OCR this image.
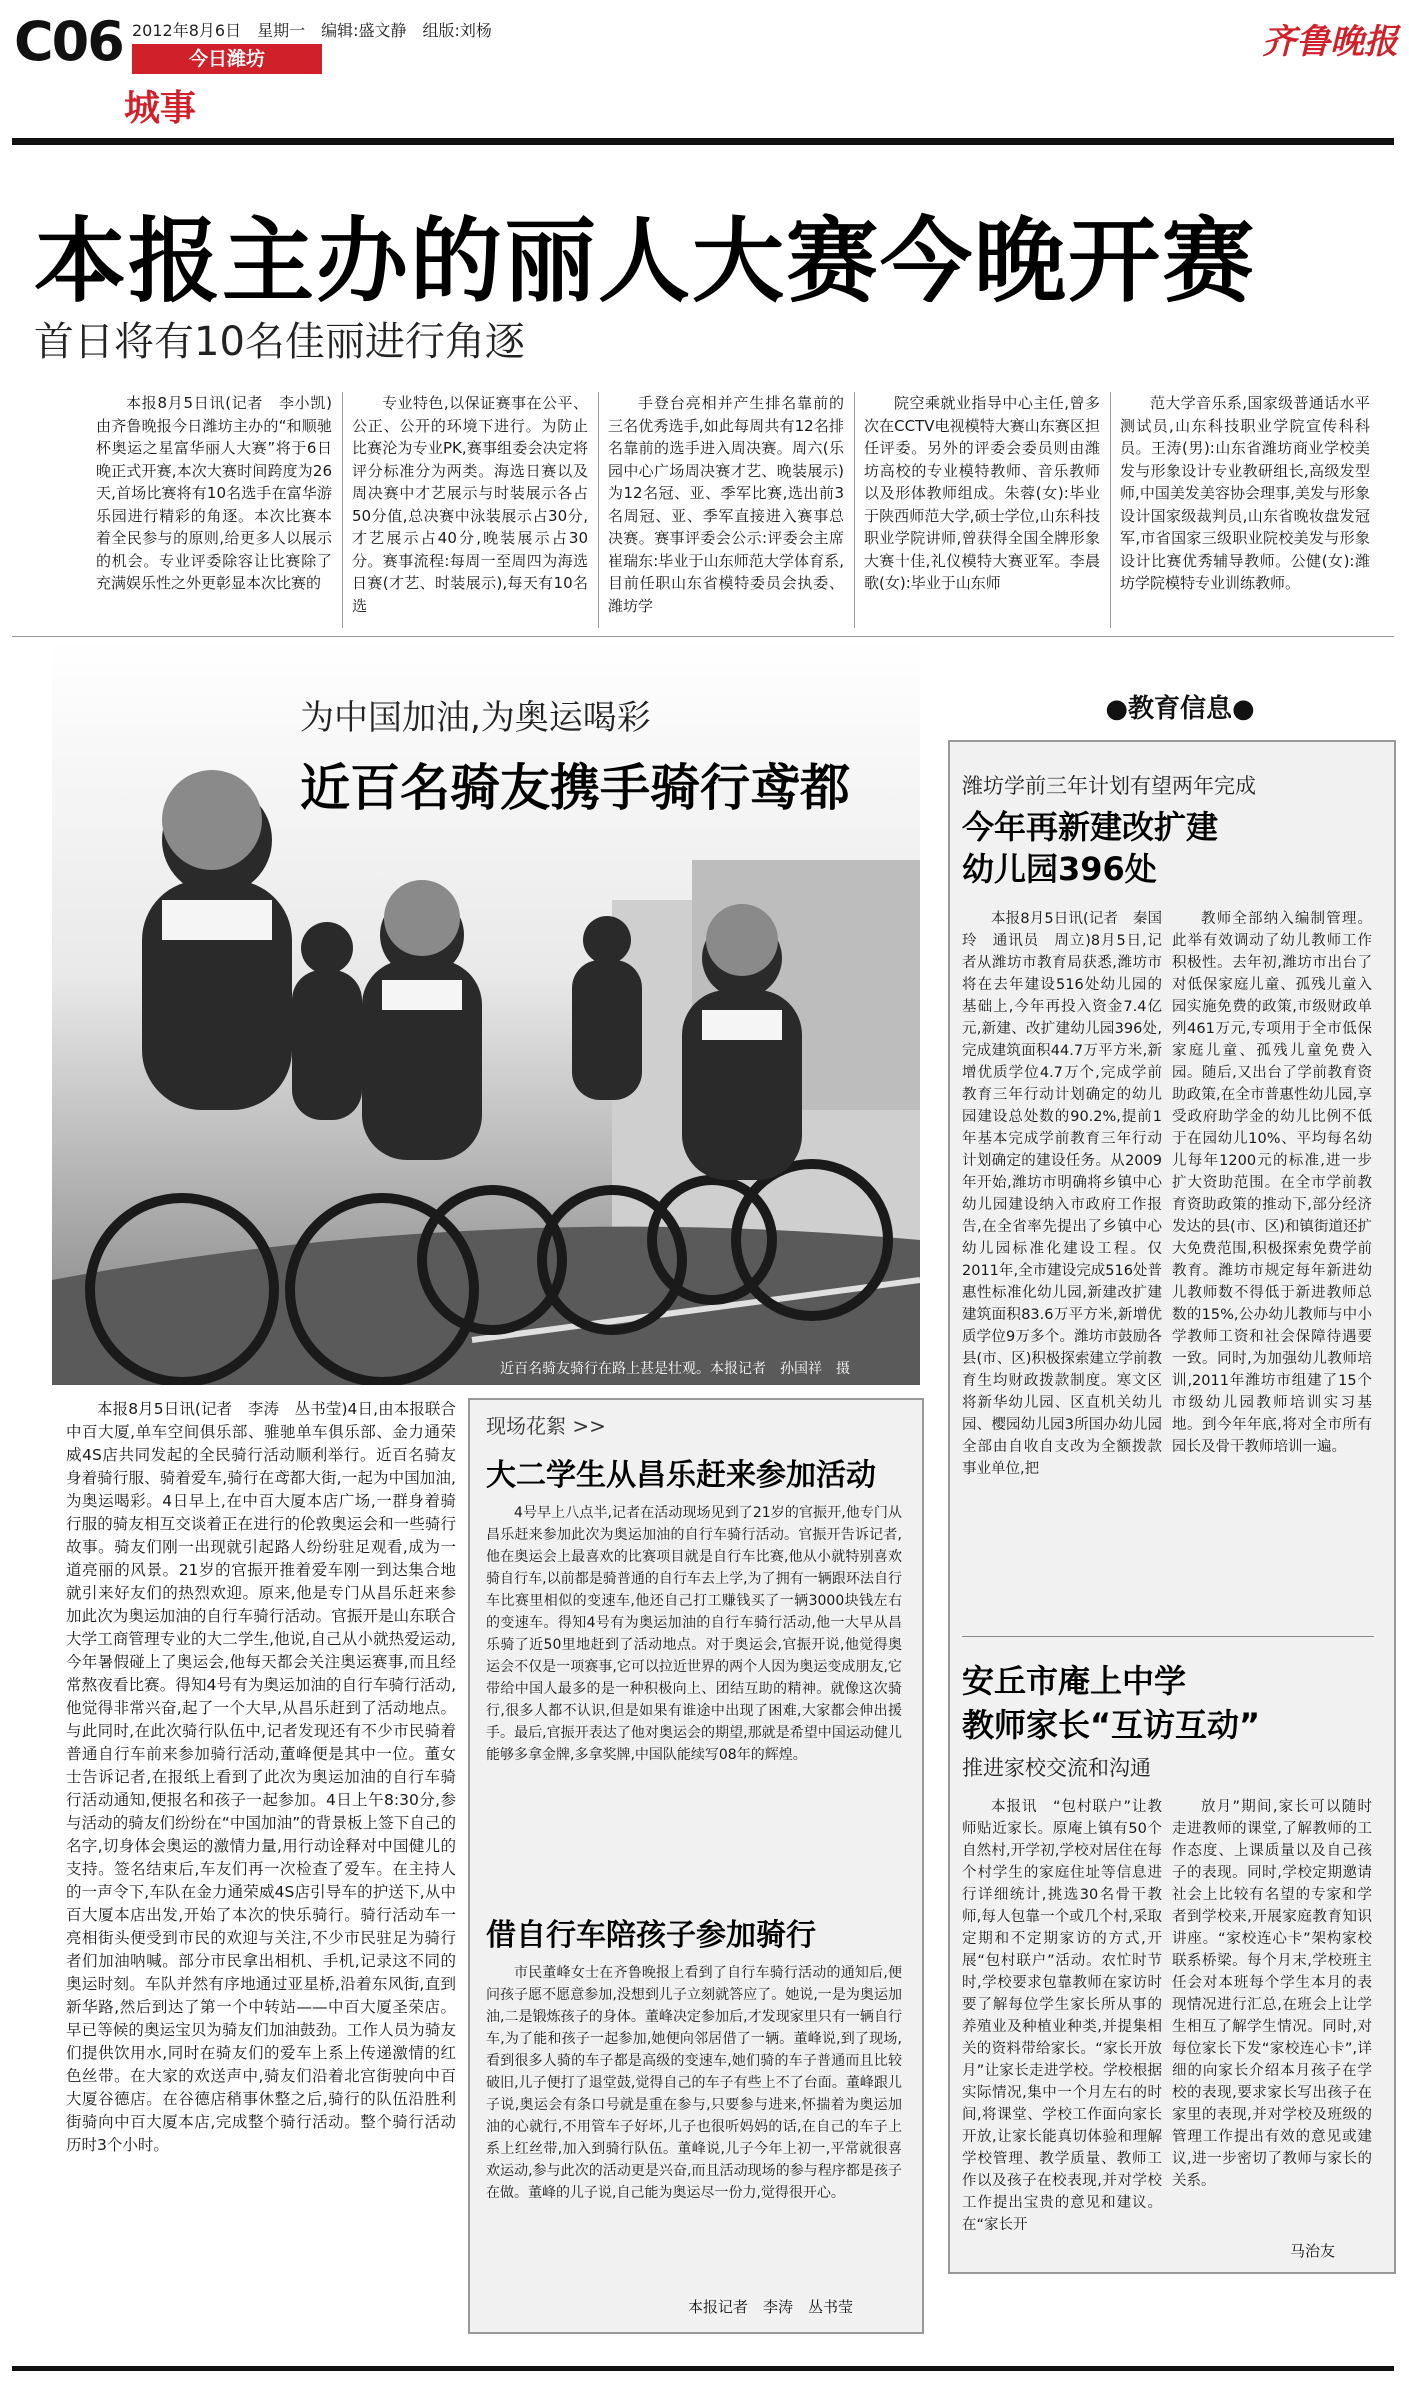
C06 2012年8月6日　星期一　编辑:盛文静　组版:刘杨
今日潍坊
城事
齐鲁晚报
本报主办的丽人大赛今晚开赛
首日将有10名佳丽进行角逐

本报8月5日讯(记者　李小凯)由齐鲁晚报今日潍坊主办的“和顺驰杯奥运之星富华丽人大赛”将于6日晚正式开赛,本次大赛时间跨度为26天,首场比赛将有10名选手在富华游乐园进行精彩的角逐。本次比赛本着全民参与的原则,给更多人以展示的机会。专业评委除容让比赛除了充满娱乐性之外更彰显本次比赛的

专业特色,以保证赛事在公平、公正、公开的环境下进行。为防止比赛沦为专业PK,赛事组委会决定将评分标准分为两类。海选日赛以及周决赛中才艺展示与时装展示各占50分值,总决赛中泳装展示占30分,才艺展示占40分,晚装展示占30分。赛事流程:每周一至周四为海选日赛(才艺、时装展示),每天有10名选

手登台亮相并产生排名靠前的三名优秀选手,如此每周共有12名排名靠前的选手进入周决赛。周六(乐园中心广场周决赛才艺、晚装展示)为12名冠、亚、季军比赛,选出前3名周冠、亚、季军直接进入赛事总决赛。赛事评委会公示:评委会主席崔瑞东:毕业于山东师范大学体育系,目前任职山东省模特委员会执委、潍坊学

院空乘就业指导中心主任,曾多次在CCTV电视模特大赛山东赛区担任评委。另外的评委会委员则由潍坊高校的专业模特教师、音乐教师以及形体教师组成。朱蓉(女):毕业于陕西师范大学,硕士学位,山东科技职业学院讲师,曾获得全国全牌形象大赛十佳,礼仪模特大赛亚军。李晨歌(女):毕业于山东师

范大学音乐系,国家级普通话水平测试员,山东科技职业学院宣传科科员。王涛(男):山东省潍坊商业学校美发与形象设计专业教研组长,高级发型师,中国美发美容协会理事,美发与形象设计国家级裁判员,山东省晚妆盘发冠军,市省国家三级职业院校美发与形象设计比赛优秀辅导教师。公健(女):潍坊学院模特专业训练教师。

为中国加油,为奥运喝彩
近百名骑友携手骑行鸢都
近百名骑友骑行在路上甚是壮观。本报记者　孙国祥　摄

本报8月5日讯(记者　李涛　丛书莹)4日,由本报联合中百大厦,单车空间俱乐部、骓驰单车俱乐部、金力通荣威4S店共同发起的全民骑行活动顺利举行。近百名骑友身着骑行服、骑着爱车,骑行在鸢都大街,一起为中国加油,为奥运喝彩。4日早上,在中百大厦本店广场,一群身着骑行服的骑友相互交谈着正在进行的伦敦奥运会和一些骑行故事。骑友们刚一出现就引起路人纷纷驻足观看,成为一道亮丽的风景。21岁的官振开推着爱车刚一到达集合地就引来好友们的热烈欢迎。原来,他是专门从昌乐赶来参加此次为奥运加油的自行车骑行活动。官振开是山东联合大学工商管理专业的大二学生,他说,自己从小就热爱运动,今年暑假碰上了奥运会,他每天都会关注奥运赛事,而且经常熬夜看比赛。得知4号有为奥运加油的自行车骑行活动,他觉得非常兴奋,起了一个大早,从昌乐赶到了活动地点。与此同时,在此次骑行队伍中,记者发现还有不少市民骑着普通自行车前来参加骑行活动,董峰便是其中一位。董女士告诉记者,在报纸上看到了此次为奥运加油的自行车骑行活动通知,便报名和孩子一起参加。4日上午8:30分,参与活动的骑友们纷纷在“中国加油”的背景板上签下自己的名字,切身体会奥运的激情力量,用行动诠释对中国健儿的支持。签名结束后,车友们再一次检查了爱车。在主持人的一声令下,车队在金力通荣威4S店引导车的护送下,从中百大厦本店出发,开始了本次的快乐骑行。骑行活动车一亮相街头便受到市民的欢迎与关注,不少市民驻足为骑行者们加油呐喊。部分市民拿出相机、手机,记录这不同的奥运时刻。车队并然有序地通过亚星桥,沿着东风街,直到新华路,然后到达了第一个中转站——中百大厦圣荣店。早已等候的奥运宝贝为骑友们加油鼓劲。工作人员为骑友们提供饮用水,同时在骑友们的爱车上系上传递激情的红色丝带。在大家的欢送声中,骑友们沿着北宫街驶向中百大厦谷德店。在谷德店稍事休整之后,骑行的队伍沿胜利街骑向中百大厦本店,完成整个骑行活动。整个骑行活动历时3个小时。

现场花絮 >>
大二学生从昌乐赶来参加活动

4号早上八点半,记者在活动现场见到了21岁的官振开,他专门从昌乐赶来参加此次为奥运加油的自行车骑行活动。官振开告诉记者,他在奥运会上最喜欢的比赛项目就是自行车比赛,他从小就特别喜欢骑自行车,以前都是骑普通的自行车去上学,为了拥有一辆跟环法自行车比赛里相似的变速车,他还自己打工赚钱买了一辆3000块钱左右的变速车。得知4号有为奥运加油的自行车骑行活动,他一大早从昌乐骑了近50里地赶到了活动地点。对于奥运会,官振开说,他觉得奥运会不仅是一项赛事,它可以拉近世界的两个人因为奥运变成朋友,它带给中国人最多的是一种积极向上、团结互助的精神。就像这次骑行,很多人都不认识,但是如果有谁途中出现了困难,大家都会伸出援手。最后,官振开表达了他对奥运会的期望,那就是希望中国运动健儿能够多拿金牌,多拿奖牌,中国队能续写08年的辉煌。

借自行车陪孩子参加骑行

市民董峰女士在齐鲁晚报上看到了自行车骑行活动的通知后,便问孩子愿不愿意参加,没想到儿子立刻就答应了。她说,一是为奥运加油,二是锻炼孩子的身体。董峰决定参加后,才发现家里只有一辆自行车,为了能和孩子一起参加,她便向邻居借了一辆。董峰说,到了现场,看到很多人骑的车子都是高级的变速车,她们骑的车子普通而且比较破旧,儿子便打了退堂鼓,觉得自己的车子有些上不了台面。董峰跟儿子说,奥运会有条口号就是重在参与,只要参与进来,怀揣着为奥运加油的心就行,不用管车子好坏,儿子也很听妈妈的话,在自己的车子上系上红丝带,加入到骑行队伍。董峰说,儿子今年上初一,平常就很喜欢运动,参与此次的活动更是兴奋,而且活动现场的参与程序都是孩子在做。董峰的儿子说,自己能为奥运尽一份力,觉得很开心。

本报记者　李涛　丛书莹
●教育信息●
潍坊学前三年计划有望两年完成
今年再新建改扩建
幼儿园396处

本报8月5日讯(记者　秦国玲　通讯员　周立)8月5日,记者从潍坊市教育局获悉,潍坊市将在去年建设516处幼儿园的基础上,今年再投入资金7.4亿元,新建、改扩建幼儿园396处,完成建筑面积44.7万平方米,新增优质学位4.7万个,完成学前教育三年行动计划确定的幼儿园建设总处数的90.2%,提前1年基本完成学前教育三年行动计划确定的建设任务。从2009年开始,潍坊市明确将乡镇中心幼儿园建设纳入市政府工作报告,在全省率先提出了乡镇中心幼儿园标准化建设工程。仅2011年,全市建设完成516处普惠性标准化幼儿园,新建改扩建建筑面积83.6万平方米,新增优质学位9万多个。潍坊市鼓励各县(市、区)积极探索建立学前教育生均财政拨款制度。寒文区将新华幼儿园、区直机关幼儿园、樱园幼儿园3所国办幼儿园全部由自收自支改为全额拨款事业单位,把

教师全部纳入编制管理。此举有效调动了幼儿教师工作积极性。去年初,潍坊市出台了对低保家庭儿童、孤残儿童入园实施免费的政策,市级财政单列461万元,专项用于全市低保家庭儿童、孤残儿童免费入园。随后,又出台了学前教育资助政策,在全市普惠性幼儿园,享受政府助学金的幼儿比例不低于在园幼儿10%、平均每名幼儿每年1200元的标准,进一步扩大资助范围。在全市学前教育资助政策的推动下,部分经济发达的县(市、区)和镇街道还扩大免费范围,积极探索免费学前教育。潍坊市规定每年新进幼儿教师数不得低于新进教师总数的15%,公办幼儿教师与中小学教师工资和社会保障待遇要一致。同时,为加强幼儿教师培训,2011年潍坊市组建了15个市级幼儿园教师培训实习基地。到今年年底,将对全市所有园长及骨干教师培训一遍。

安丘市庵上中学
教师家长“互访互动”
推进家校交流和沟通

本报讯　“包村联户”让教师贴近家长。原庵上镇有50个自然村,开学初,学校对居住在每个村学生的家庭住址等信息进行详细统计,挑选30名骨干教师,每人包靠一个或几个村,采取定期和不定期家访的方式,开展“包村联户”活动。农忙时节时,学校要求包靠教师在家访时要了解每位学生家长所从事的养殖业及种植业种类,并提集相关的资料带给家长。“家长开放月”让家长走进学校。学校根据实际情况,集中一个月左右的时间,将课堂、学校工作面向家长开放,让家长能真切体验和理解学校管理、教学质量、教师工作以及孩子在校表现,并对学校工作提出宝贵的意见和建议。在“家长开

放月”期间,家长可以随时走进教师的课堂,了解教师的工作态度、上课质量以及自己孩子的表现。同时,学校定期邀请社会上比较有名望的专家和学者到学校来,开展家庭教育知识讲座。“家校连心卡”架构家校联系桥梁。每个月末,学校班主任会对本班每个学生本月的表现情况进行汇总,在班会上让学生相互了解学生情况。同时,对每位家长下发“家校连心卡”,详细的向家长介绍本月孩子在学校的表现,要求家长写出孩子在家里的表现,并对学校及班级的管理工作提出有效的意见或建议,进一步密切了教师与家长的关系。

马治友
